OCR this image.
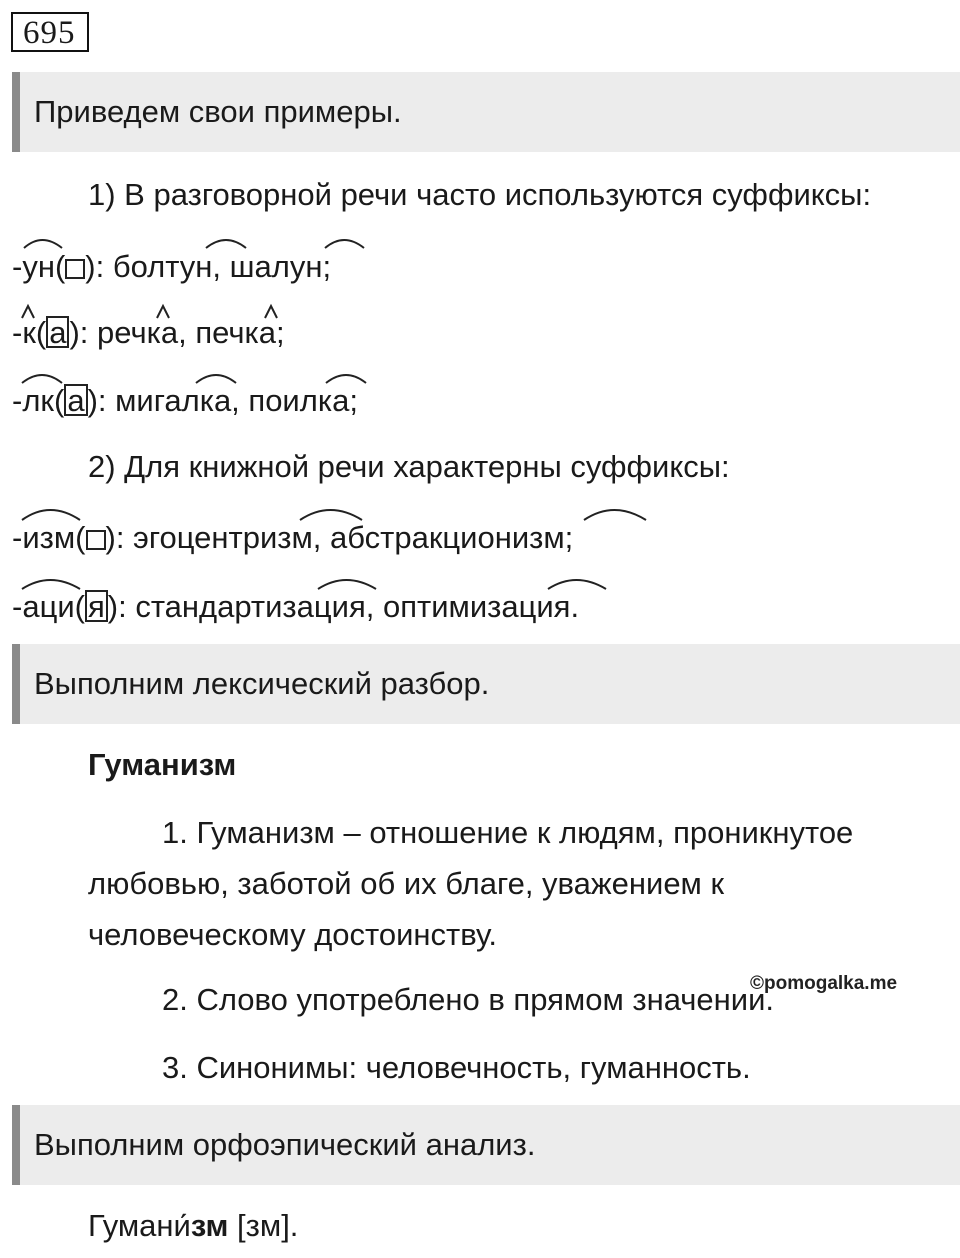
695
Приведем свои примеры.
1) В разговорной речи часто используются суффиксы:
-ун( ): болтун, шалун;
-к(а): речка, печка;
-лк(а): мигалка, поилка;
2) Для книжной речи характерны суффиксы:
-изм( ): эгоцентризм, абстракционизм;
-аци(я): стандартизация, оптимизация.
Выполним лексический разбор.
Гуманизм
1. Гуманизм – отношение к людям, проникнутое
любовью, заботой об их благе, уважением к
человеческому достоинству.
©pomogalka.me
2. Слово употреблено в прямом значении.
3. Синонимы: человечность, гуманность.
Выполним орфоэпический анализ.
Гумани́зм [зм].
